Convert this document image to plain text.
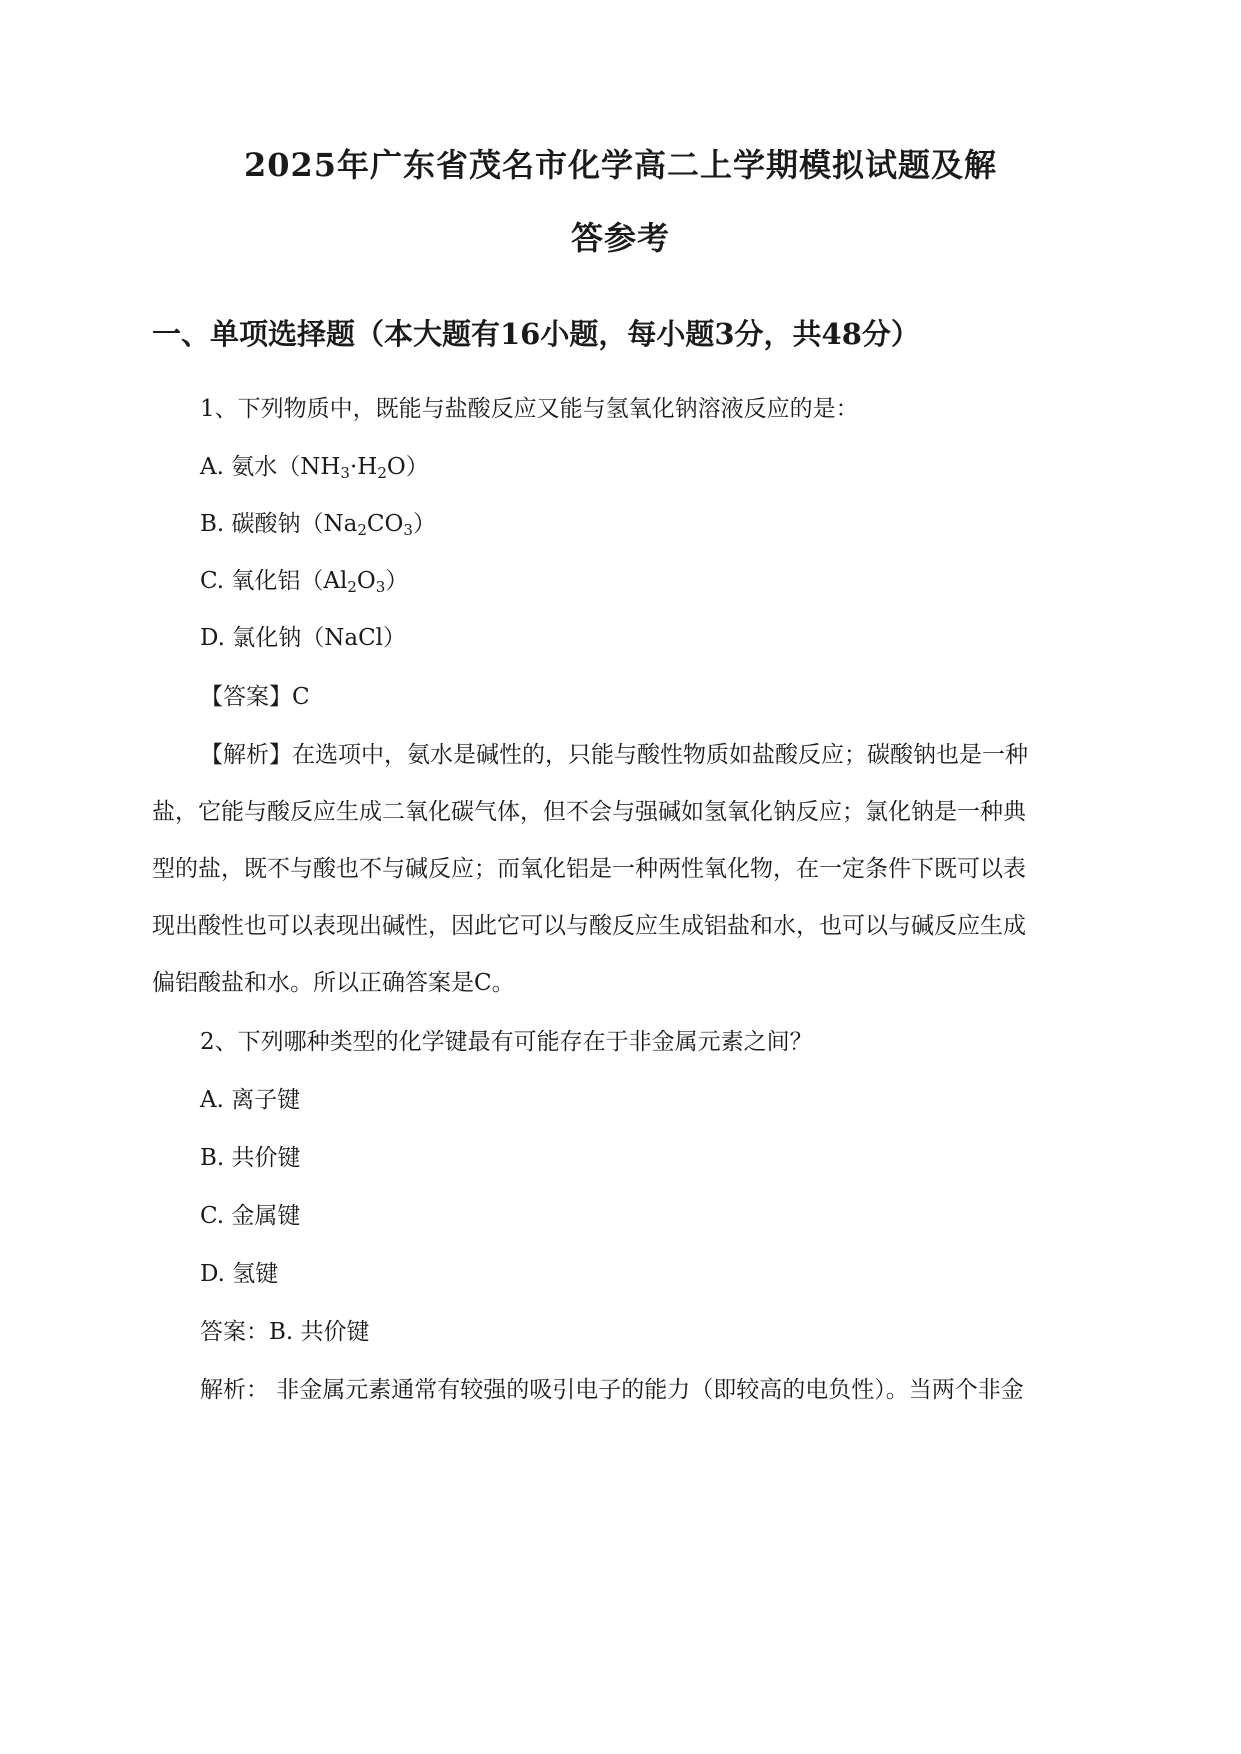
2025年广东省茂名市化学高二上学期模拟试题及解
答参考
一、单项选择题（本大题有16小题，每小题3分，共48分）
1、下列物质中，既能与盐酸反应又能与氢氧化钠溶液反应的是：
A. 氨水$(NH_3\cdot H_2O)$
B. 碳酸钠$(Na_2CO_3)$
C. 氧化铝$(Al_2O_3)$
D. 氯化钠（NaCl）
【答案】C
【解析】在选项中，氨水是碱性的，只能与酸性物质如盐酸反应；碳酸钠也是一种
盐，它能与酸反应生成二氧化碳气体，但不会与强碱如氢氧化钠反应；氯化钠是一种典
型的盐，既不与酸也不与碱反应；而氧化铝是一种两性氧化物，在一定条件下既可以表
现出酸性也可以表现出碱性，因此它可以与酸反应生成铝盐和水，也可以与碱反应生成
偏铝酸盐和水。所以正确答案是C。
2、下列哪种类型的化学键最有可能存在于非金属元素之间？
A. 离子键
B. 共价键
C. 金属键
D. 氢键
答案：B. 共价键
解析： 非金属元素通常有较强的吸引电子的能力（即较高的电负性）。当两个非金
